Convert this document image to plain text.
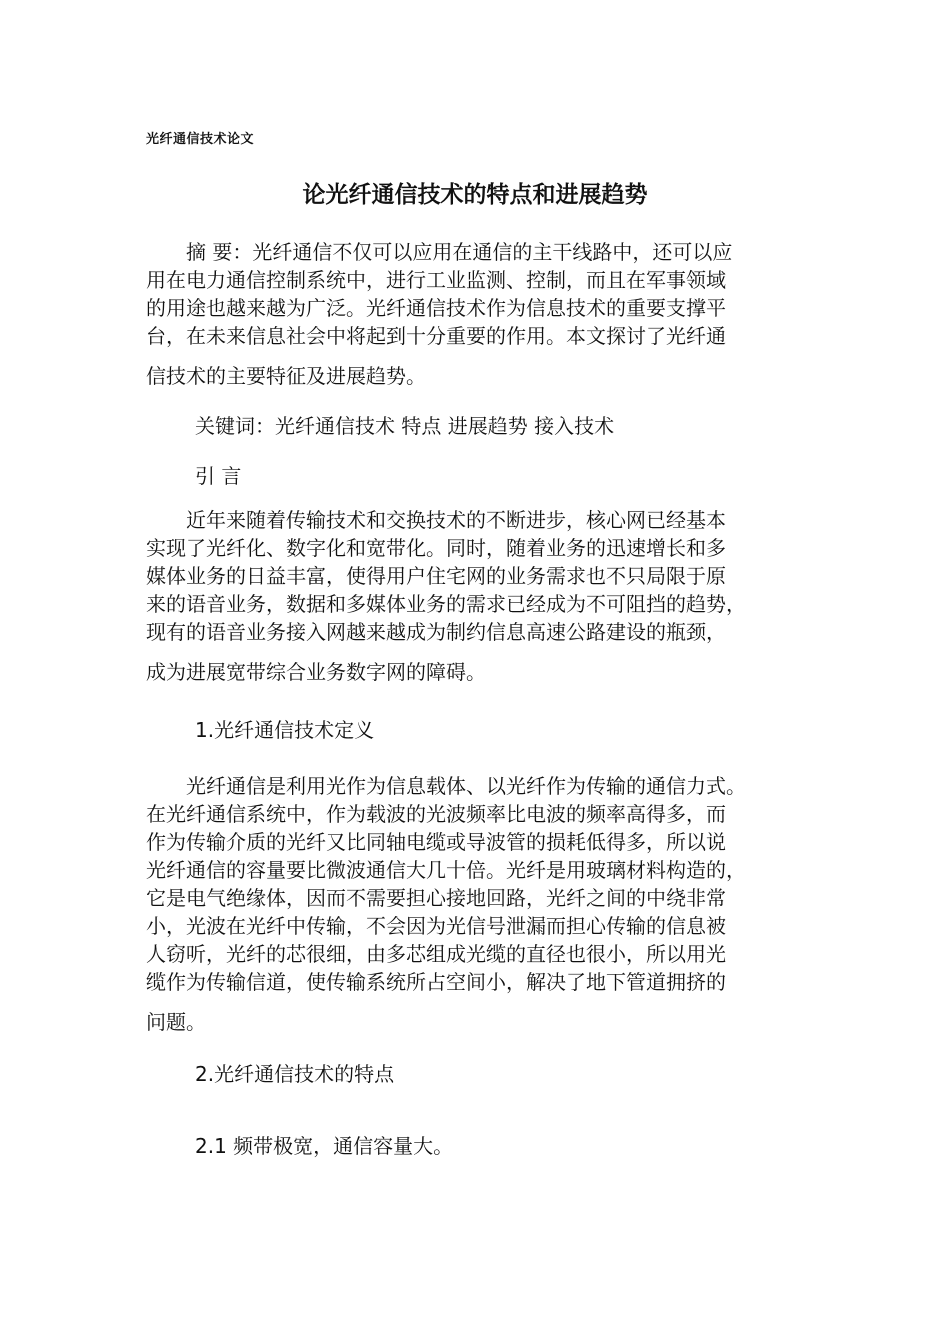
光纤通信技术论文
论光纤通信技术的特点和进展趋势
　　摘 要：光纤通信不仅可以应用在通信的主干线路中，还可以应
用在电力通信控制系统中，进行工业监测、控制，而且在军事领域
的用途也越来越为广泛。光纤通信技术作为信息技术的重要支撑平
台，在未来信息社会中将起到十分重要的作用。本文探讨了光纤通
信技术的主要特征及进展趋势。
关键词：光纤通信技术 特点 进展趋势 接入技术
引 言
　　近年来随着传输技术和交换技术的不断进步，核心网已经基本
实现了光纤化、数字化和宽带化。同时，随着业务的迅速增长和多
媒体业务的日益丰富，使得用户住宅网的业务需求也不只局限于原
来的语音业务，数据和多媒体业务的需求已经成为不可阻挡的趋势，
现有的语音业务接入网越来越成为制约信息高速公路建设的瓶颈，
成为进展宽带综合业务数字网的障碍。
1.光纤通信技术定义
　　光纤通信是利用光作为信息载体、以光纤作为传输的通信力式。
在光纤通信系统中，作为载波的光波频率比电波的频率高得多，而
作为传输介质的光纤又比同轴电缆或导波管的损耗低得多，所以说
光纤通信的容量要比微波通信大几十倍。光纤是用玻璃材料构造的，
它是电气绝缘体，因而不需要担心接地回路，光纤之间的中绕非常
小，光波在光纤中传输，不会因为光信号泄漏而担心传输的信息被
人窃听，光纤的芯很细，由多芯组成光缆的直径也很小，所以用光
缆作为传输信道，使传输系统所占空间小，解决了地下管道拥挤的
问题。
2.光纤通信技术的特点
2.1 频带极宽，通信容量大。
